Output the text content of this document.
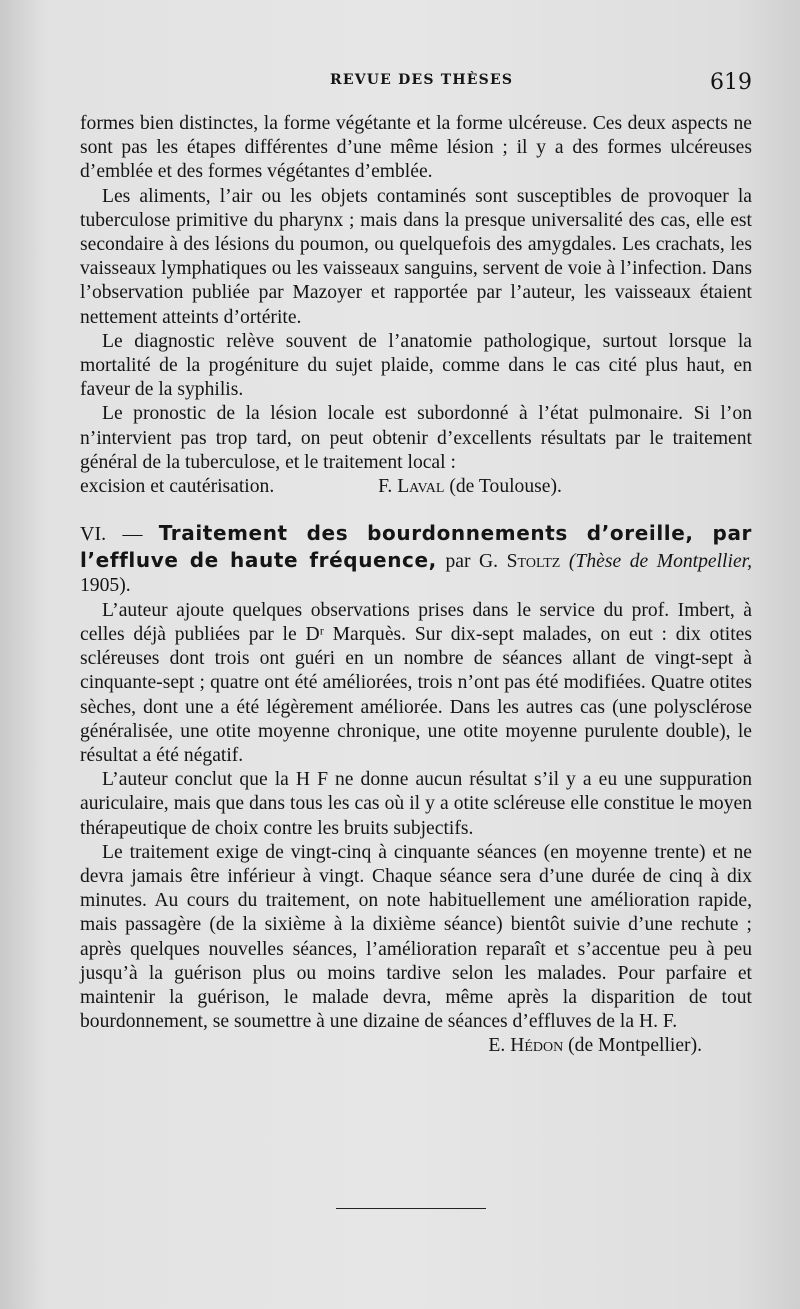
REVUE DES THÈSES	619

formes bien distinctes, la forme végétante et la forme ulcéreuse. Ces deux aspects ne sont pas les étapes différentes d’une même lésion ; il y a des formes ulcéreuses d’emblée et des formes végétantes d’emblée.

Les aliments, l’air ou les objets contaminés sont susceptibles de provoquer la tuberculose primitive du pharynx ; mais dans la presque universalité des cas, elle est secondaire à des lésions du poumon, ou quelquefois des amygdales. Les crachats, les vaisseaux lymphatiques ou les vaisseaux sanguins, servent de voie à l’infection. Dans l’observation publiée par Mazoyer et rapportée par l’auteur, les vaisseaux étaient nettement atteints d’ortérite.

Le diagnostic relève souvent de l’anatomie pathologique, surtout lorsque la mortalité de la progéniture du sujet plaide, comme dans le cas cité plus haut, en faveur de la syphilis.

Le pronostic de la lésion locale est subordonné à l’état pulmonaire. Si l’on n’intervient pas trop tard, on peut obtenir d’excellents résultats par le traitement général de la tuberculose, et le traitement local :

excision et cautérisation.	F. Laval (de Toulouse).

VI. — Traitement des bourdonnements d’oreille, par l’effluve de haute fréquence, par G. Stoltz (Thèse de Montpellier, 1905).

L’auteur ajoute quelques observations prises dans le service du prof. Imbert, à celles déjà publiées par le Dʳ Marquès. Sur dix-sept malades, on eut : dix otites scléreuses dont trois ont guéri en un nombre de séances allant de vingt-sept à cinquante-sept ; quatre ont été améliorées, trois n’ont pas été modifiées. Quatre otites sèches, dont une a été légèrement améliorée. Dans les autres cas (une polysclérose généralisée, une otite moyenne chronique, une otite moyenne purulente double), le résultat a été négatif.

L’auteur conclut que la H F ne donne aucun résultat s’il y a eu une suppuration auriculaire, mais que dans tous les cas où il y a otite scléreuse elle constitue le moyen thérapeutique de choix contre les bruits subjectifs.

Le traitement exige de vingt-cinq à cinquante séances (en moyenne trente) et ne devra jamais être inférieur à vingt. Chaque séance sera d’une durée de cinq à dix minutes. Au cours du traitement, on note habituellement une amélioration rapide, mais passagère (de la sixième à la dixième séance) bientôt suivie d’une rechute ; après quelques nouvelles séances, l’amélioration reparaît et s’accentue peu à peu jusqu’à la guérison plus ou moins tardive selon les malades. Pour parfaire et maintenir la guérison, le malade devra, même après la disparition de tout bourdonnement, se soumettre à une dizaine de séances d’effluves de la H. F.

E. Hédon (de Montpellier).
